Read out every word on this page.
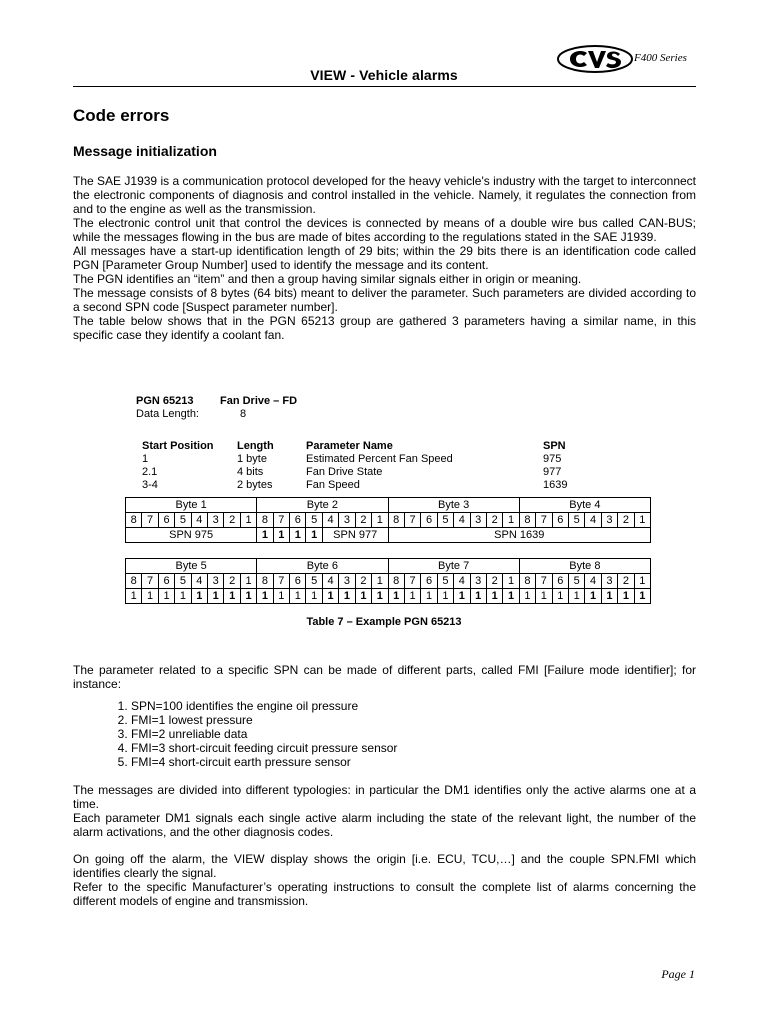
VIEW - Vehicle alarms
F400 Series
Code errors
Message initialization

The SAE J1939 is a communication protocol developed for the heavy vehicle's industry with the target to interconnect the electronic components of diagnosis and control installed in the vehicle. Namely, it regulates the connection from and to the engine as well as the transmission.

The electronic control unit that control the devices is connected by means of a double wire bus called CAN-BUS; while the messages flowing in the bus are made of bites according to the regulations stated in the SAE J1939.

All messages have a start-up identification length of 29 bits; within the 29 bits there is an identification code called PGN [Parameter Group Number] used to identify the message and its content.

The PGN identifies an “item” and then a group having similar signals either in origin or meaning.

The message consists of 8 bytes (64 bits) meant to deliver the parameter. Such parameters are divided according to a second SPN code [Suspect parameter number].

The table below shows that in the PGN 65213 group are gathered 3 parameters having a similar name, in this specific case they identify a coolant fan.

PGN 65213 Fan Drive – FD
Data Length:	8
Start Position Length	Parameter Name	SPN
1	1 byte	Estimated Percent Fan Speed	975
2.1	4 bits	Fan Drive State	977
3-4	2 bytes	Fan Speed	1639
Byte 1								Byte 2								Byte 3								Byte 4							
8	7	6	5	4	3	2	1	8	7	6	5	4	3	2	1	8	7	6	5	4	3	2	1	8	7	6	5	4	3	2	1
SPN 975								1	1	1	1	SPN 977				SPN 1639															
Byte 5								Byte 6								Byte 7								Byte 8							
8	7	6	5	4	3	2	1	8	7	6	5	4	3	2	1	8	7	6	5	4	3	2	1	8	7	6	5	4	3	2	1
1	1	1	1	1	1	1	1	1	1	1	1	1	1	1	1	1	1	1	1	1	1	1	1	1	1	1	1	1	1	1	1
Table 7 – Example PGN 65213

The parameter related to a specific SPN can be made of different parts, called FMI [Failure mode identifier]; for instance:

1. SPN=100 identifies the engine oil pressure
2. FMI=1 lowest pressure
3. FMI=2 unreliable data
4. FMI=3 short-circuit feeding circuit pressure sensor
5. FMI=4 short-circuit earth pressure sensor

The messages are divided into different typologies: in particular the DM1 identifies only the active alarms one at a time.

Each parameter DM1 signals each single active alarm including the state of the relevant light, the number of the alarm activations, and the other diagnosis codes.

On going off the alarm, the VIEW display shows the origin [i.e. ECU, TCU,…] and the couple SPN.FMI which identifies clearly the signal.

Refer to the specific Manufacturer’s operating instructions to consult the complete list of alarms concerning the different models of engine and transmission.

Page 1
